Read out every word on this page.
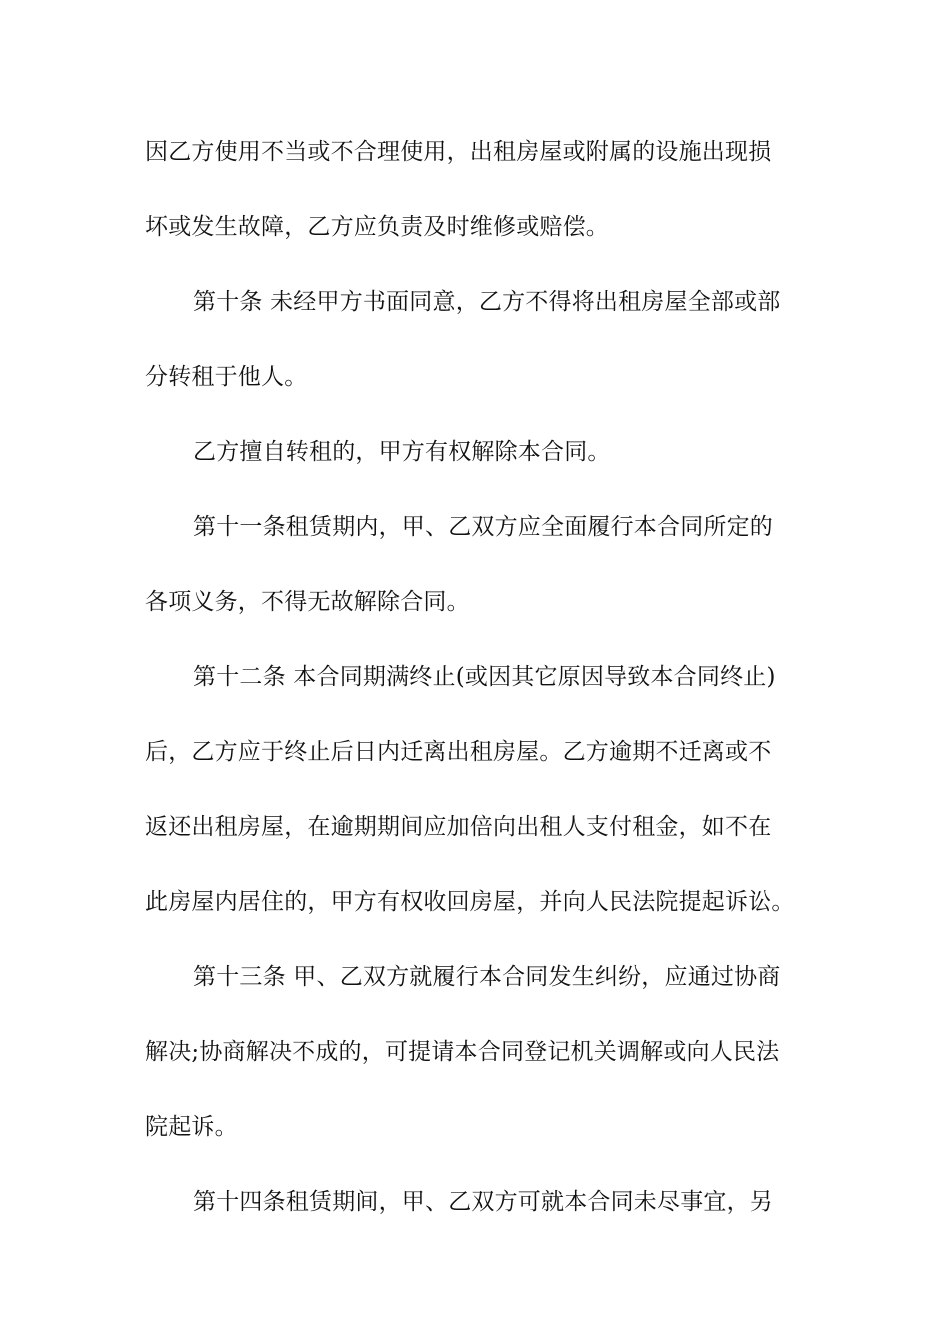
因乙方使用不当或不合理使用，出租房屋或附属的设施出现损
坏或发生故障，乙方应负责及时维修或赔偿。
第十条 未经甲方书面同意，乙方不得将出租房屋全部或部
分转租于他人。
乙方擅自转租的，甲方有权解除本合同。
第十一条租赁期内，甲、乙双方应全面履行本合同所定的
各项义务，不得无故解除合同。
第十二条 本合同期满终止(或因其它原因导致本合同终止)
后，乙方应于终止后日内迁离出租房屋。乙方逾期不迁离或不
返还出租房屋，在逾期期间应加倍向出租人支付租金，如不在
此房屋内居住的，甲方有权收回房屋，并向人民法院提起诉讼。
第十三条 甲、乙双方就履行本合同发生纠纷，应通过协商
解决;协商解决不成的，可提请本合同登记机关调解或向人民法
院起诉。
第十四条租赁期间，甲、乙双方可就本合同未尽事宜，另
